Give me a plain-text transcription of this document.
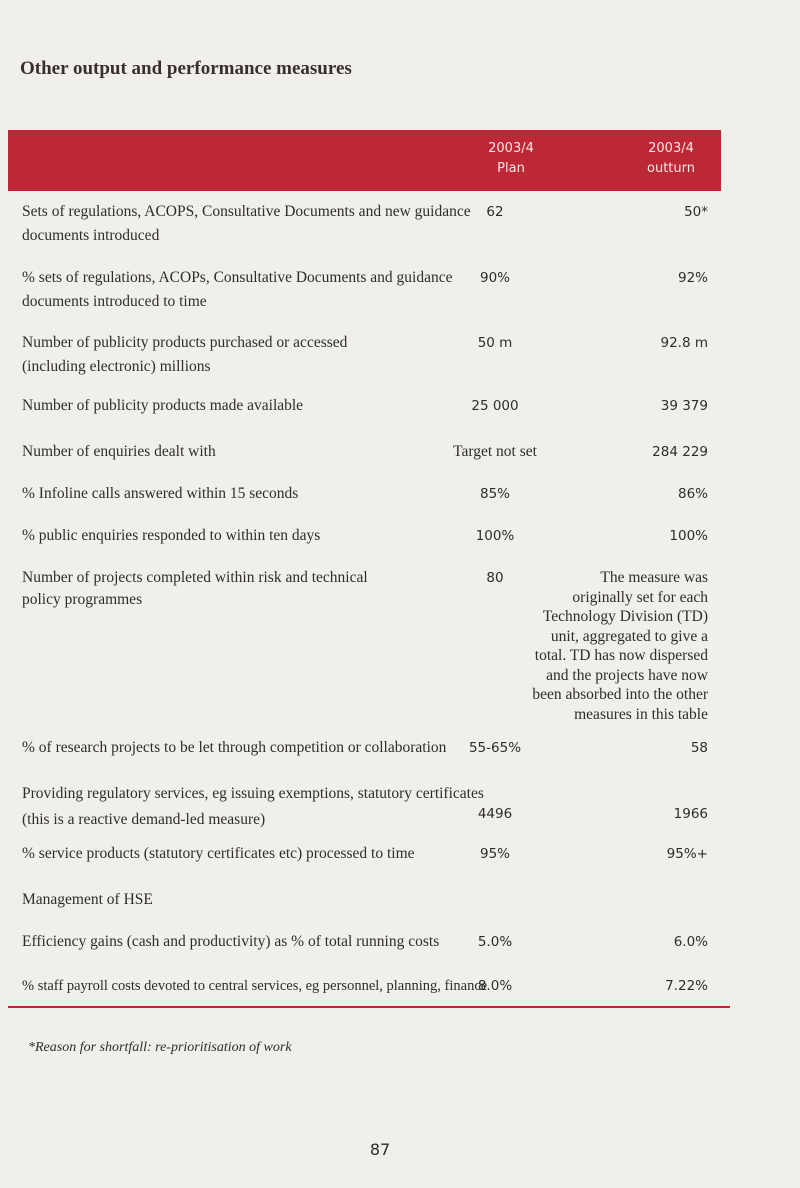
Other output and performance measures
2003/4
Plan
2003/4
outturn
Sets of regulations, ACOPS, Consultative Documents and new guidance
documents introduced
62	50*
% sets of regulations, ACOPs, Consultative Documents and guidance
documents introduced to time
90%	92%
Number of publicity products purchased or accessed
(including electronic) millions
50 m	92.8 m
Number of publicity products made available	25 000	39 379
Number of enquiries dealt with	Target not set	284 229
% Infoline calls answered within 15 seconds	85%	86%
% public enquiries responded to within ten days	100%	100%
Number of projects completed within risk and technical
policy programmes
80	The measure was
originally set for each
Technology Division (TD)
unit, aggregated to give a
total. TD has now dispersed
and the projects have now
been absorbed into the other
measures in this table
% of research projects to be let through competition or collaboration	55-65%	58
Providing regulatory services, eg issuing exemptions, statutory certificates
(this is a reactive demand-led measure)	4496	1966
% service products (statutory certificates etc) processed to time	95%	95%+
Management of HSE
Efficiency gains (cash and productivity) as % of total running costs	5.0%	6.0%
% staff payroll costs devoted to central services, eg personnel, planning, finance
8.0%	7.22%
*Reason for shortfall: re-prioritisation of work
87
